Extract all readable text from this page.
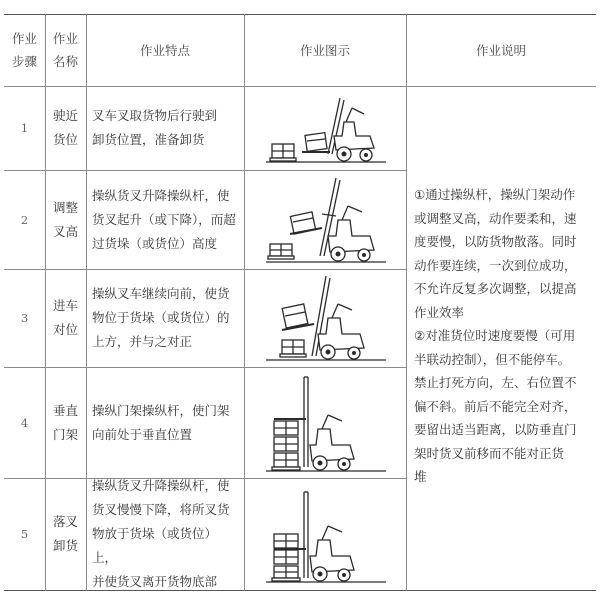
作业
步骤
作业
名称
作业特点	作业图示	作业说明
1
驶近
货位
叉车叉取货物后行驶到
卸货位置，准备卸货
2
调整
叉高
操纵货叉升降操纵杆，使
货叉起升（或下降），而超
过货垛（或货位）高度
3
进车
对位
操纵叉车继续向前，使货
物位于货垛（或货位）的
上方，并与之对正
4
垂直
门架
操纵门架操纵杆，使门架
向前处于垂直位置
5
落叉
卸货
操纵货叉升降操纵杆，使
货叉慢慢下降，将所叉货
物放于货垛（或货位）上，
并使货叉离开货物底部
①通过操纵杆，操纵门架动作
或调整叉高，动作要柔和，速
度要慢，以防货物散落。同时
动作要连续，一次到位成功，
不允许反复多次调整，以提高
作业效率
②对准货位时速度要慢（可用
半联动控制），但不能停车。
禁止打死方向，左、右位置不
偏不斜。前后不能完全对齐，
要留出适当距离，以防垂直门
架时货叉前移而不能对正货
堆
